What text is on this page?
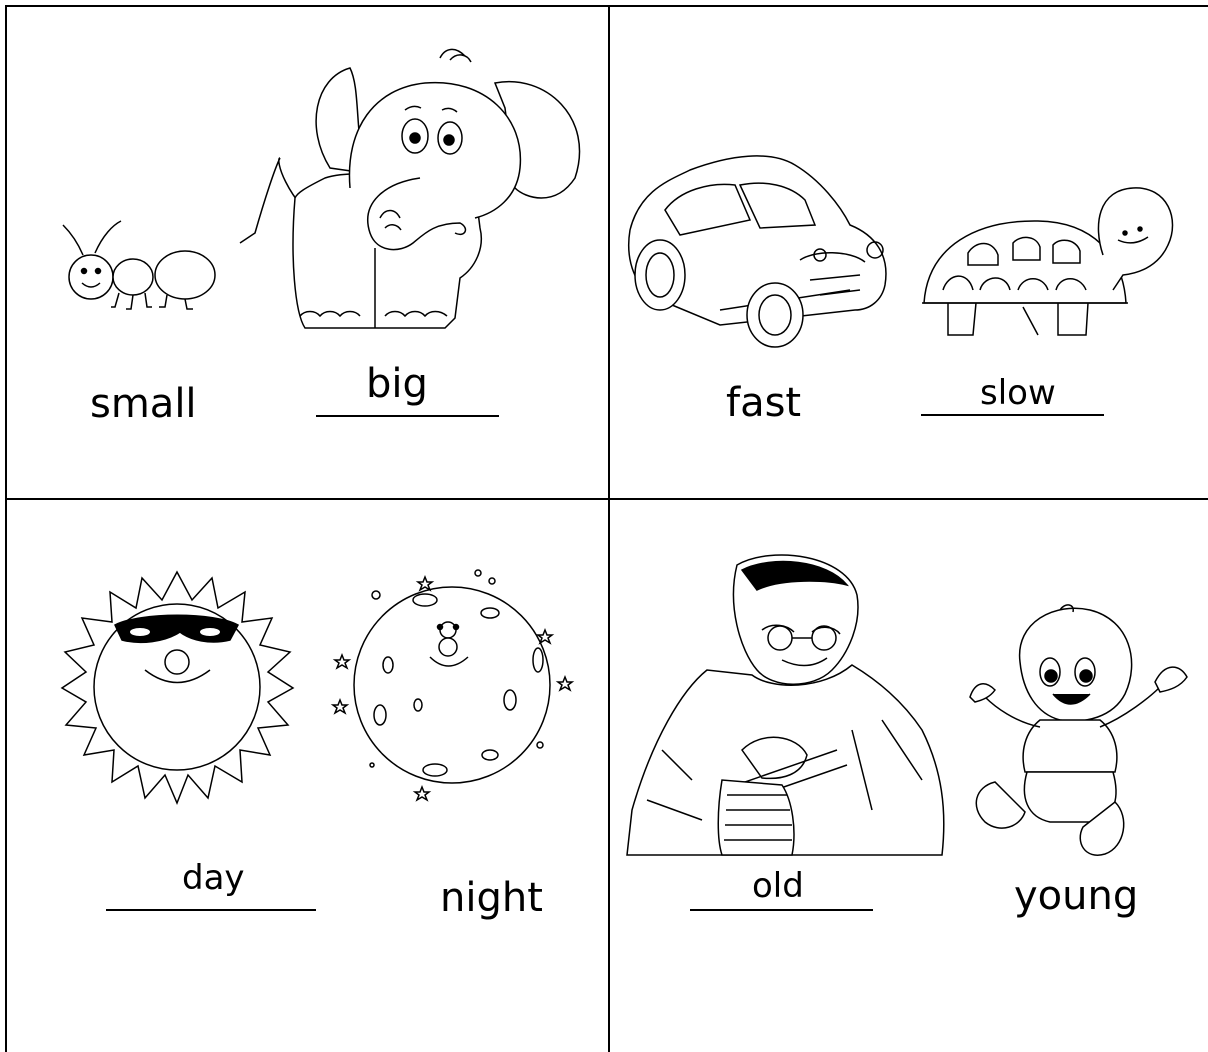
small	big	fast	slow
day	night	old	young
